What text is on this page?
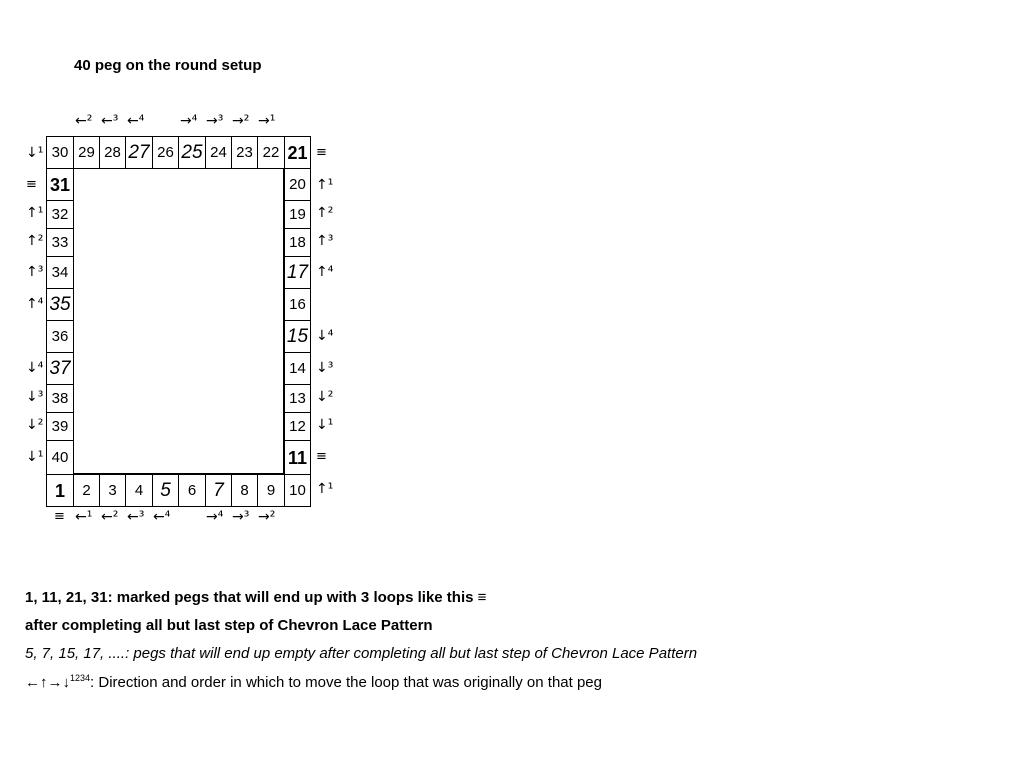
40 peg on the round setup
30 29 28 27 26 25 24 23 22 21
1	2	3	4 5	6 7	8	9 10
31
32
33
34
35
36
37
38
39
40
20
19
18
17
16
15
14
13
12
11
←² ←³ ←⁴	→⁴ →³ →² →¹
≡ ←¹ ←² ←³ ←⁴	→⁴ →³ →²
↓¹
≡
↑¹
↑²
↑³
↑⁴
↓⁴
↓³
↓²
↓¹
≡
↑¹
↑²
↑³
↑⁴
↓⁴
↓³
↓²
↓¹
≡
↑¹
1, 11, 21, 31: marked pegs that will end up with 3 loops like this ≡
after completing all but last step of Chevron Lace Pattern
5, 7, 15, 17, ....: pegs that will end up empty after completing all but last step of Chevron Lace Pattern
←↑→↓$^{1234}$: Direction and order in which to move the loop that was originally on that peg
